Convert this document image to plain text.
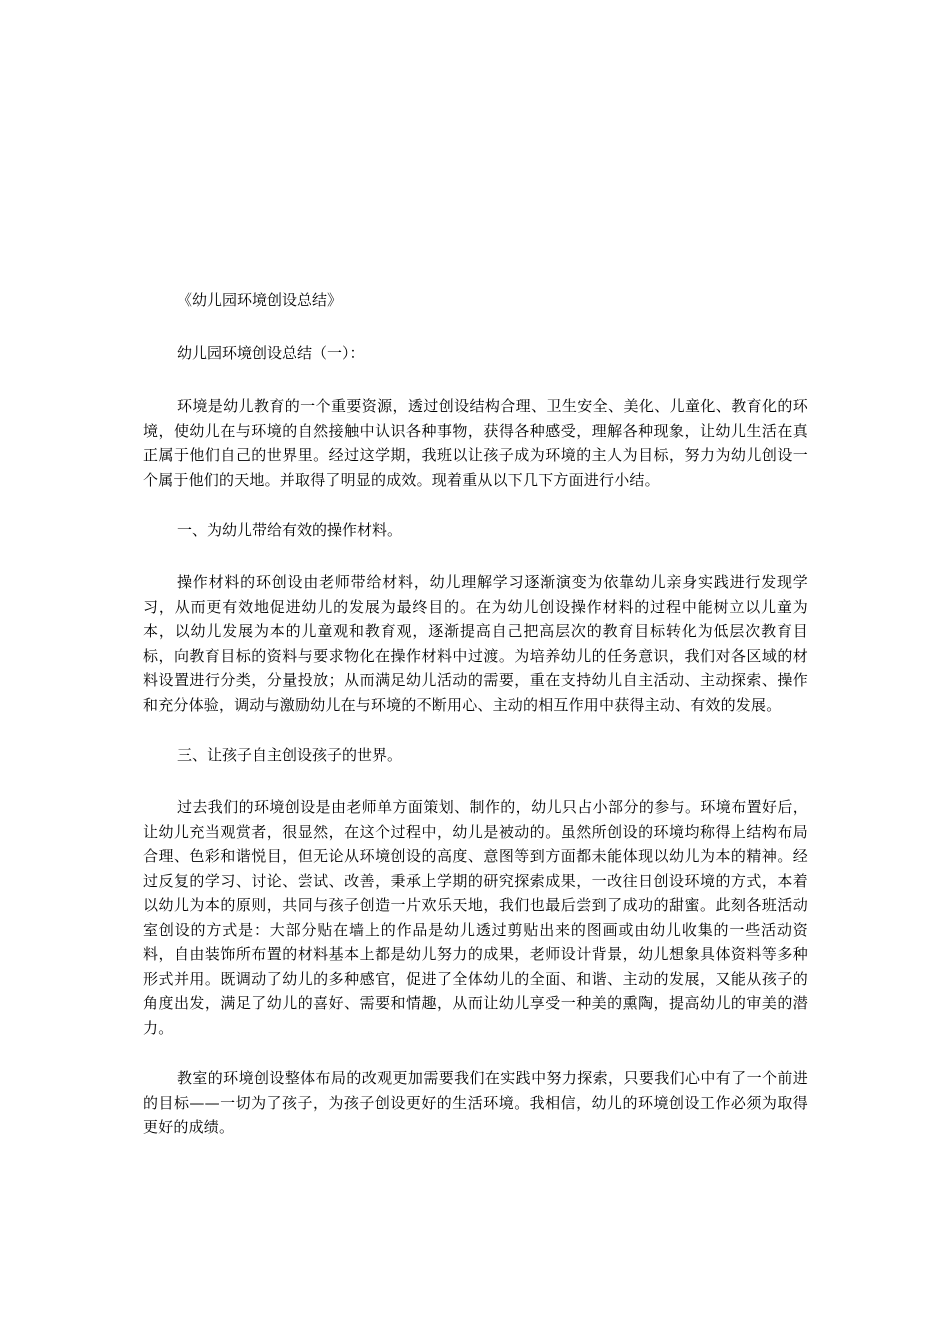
《幼儿园环境创设总结》

幼儿园环境创设总结（一）：

环境是幼儿教育的一个重要资源，透过创设结构合理、卫生安全、美化、儿童化、教育化的环境，使幼儿在与环境的自然接触中认识各种事物，获得各种感受，理解各种现象，让幼儿生活在真正属于他们自己的世界里。经过这学期，我班以让孩子成为环境的主人为目标，努力为幼儿创设一个属于他们的天地。并取得了明显的成效。现着重从以下几下方面进行小结。

一、为幼儿带给有效的操作材料。

操作材料的环创设由老师带给材料，幼儿理解学习逐渐演变为依靠幼儿亲身实践进行发现学习，从而更有效地促进幼儿的发展为最终目的。在为幼儿创设操作材料的过程中能树立以儿童为本，以幼儿发展为本的儿童观和教育观，逐渐提高自己把高层次的教育目标转化为低层次教育目标，向教育目标的资料与要求物化在操作材料中过渡。为培养幼儿的任务意识，我们对各区域的材料设置进行分类，分量投放；从而满足幼儿活动的需要，重在支持幼儿自主活动、主动探索、操作和充分体验，调动与激励幼儿在与环境的不断用心、主动的相互作用中获得主动、有效的发展。

三、让孩子自主创设孩子的世界。

过去我们的环境创设是由老师单方面策划、制作的，幼儿只占小部分的参与。环境布置好后，让幼儿充当观赏者，很显然，在这个过程中，幼儿是被动的。虽然所创设的环境均称得上结构布局合理、色彩和谐悦目，但无论从环境创设的高度、意图等到方面都未能体现以幼儿为本的精神。经过反复的学习、讨论、尝试、改善，秉承上学期的研究探索成果，一改往日创设环境的方式，本着以幼儿为本的原则，共同与孩子创造一片欢乐天地，我们也最后尝到了成功的甜蜜。此刻各班活动室创设的方式是：大部分贴在墙上的作品是幼儿透过剪贴出来的图画或由幼儿收集的一些活动资料，自由装饰所布置的材料基本上都是幼儿努力的成果，老师设计背景，幼儿想象具体资料等多种形式并用。既调动了幼儿的多种感官，促进了全体幼儿的全面、和谐、主动的发展，又能从孩子的角度出发，满足了幼儿的喜好、需要和情趣，从而让幼儿享受一种美的熏陶，提高幼儿的审美的潜力。

教室的环境创设整体布局的改观更加需要我们在实践中努力探索，只要我们心中有了一个前进的目标——一切为了孩子，为孩子创设更好的生活环境。我相信，幼儿的环境创设工作必须为取得更好的成绩。
